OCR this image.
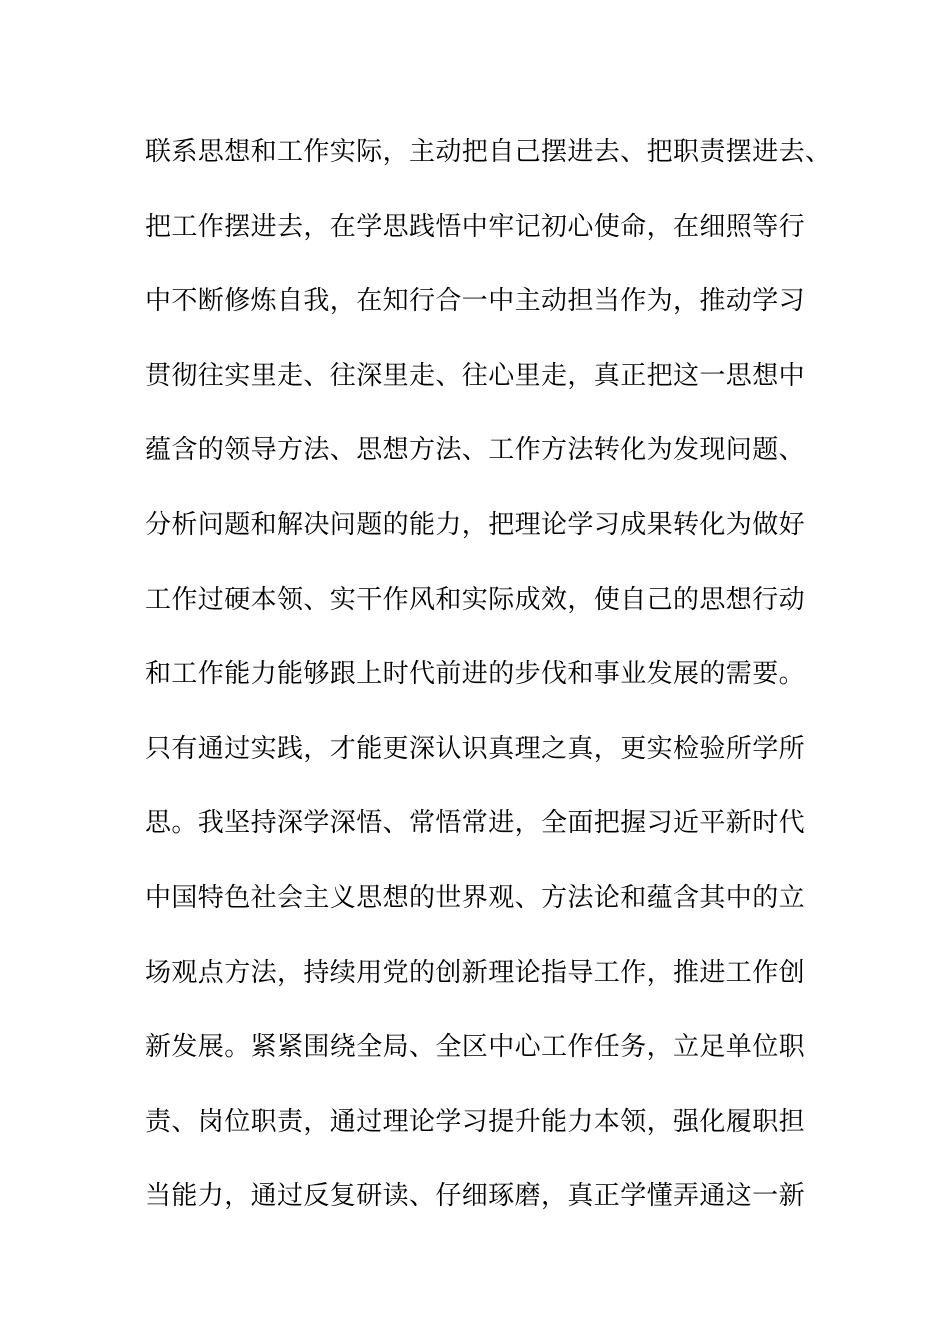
联系思想和工作实际，主动把自己摆进去、把职责摆进去、
把工作摆进去，在学思践悟中牢记初心使命，在细照等行
中不断修炼自我，在知行合一中主动担当作为，推动学习
贯彻往实里走、往深里走、往心里走，真正把这一思想中
蕴含的领导方法、思想方法、工作方法转化为发现问题、
分析问题和解决问题的能力，把理论学习成果转化为做好
工作过硬本领、实干作风和实际成效，使自己的思想行动
和工作能力能够跟上时代前进的步伐和事业发展的需要。
只有通过实践，才能更深认识真理之真，更实检验所学所
思。我坚持深学深悟、常悟常进，全面把握习近平新时代
中国特色社会主义思想的世界观、方法论和蕴含其中的立
场观点方法，持续用党的创新理论指导工作，推进工作创
新发展。紧紧围绕全局、全区中心工作任务，立足单位职
责、岗位职责，通过理论学习提升能力本领，强化履职担
当能力，通过反复研读、仔细琢磨，真正学懂弄通这一新
